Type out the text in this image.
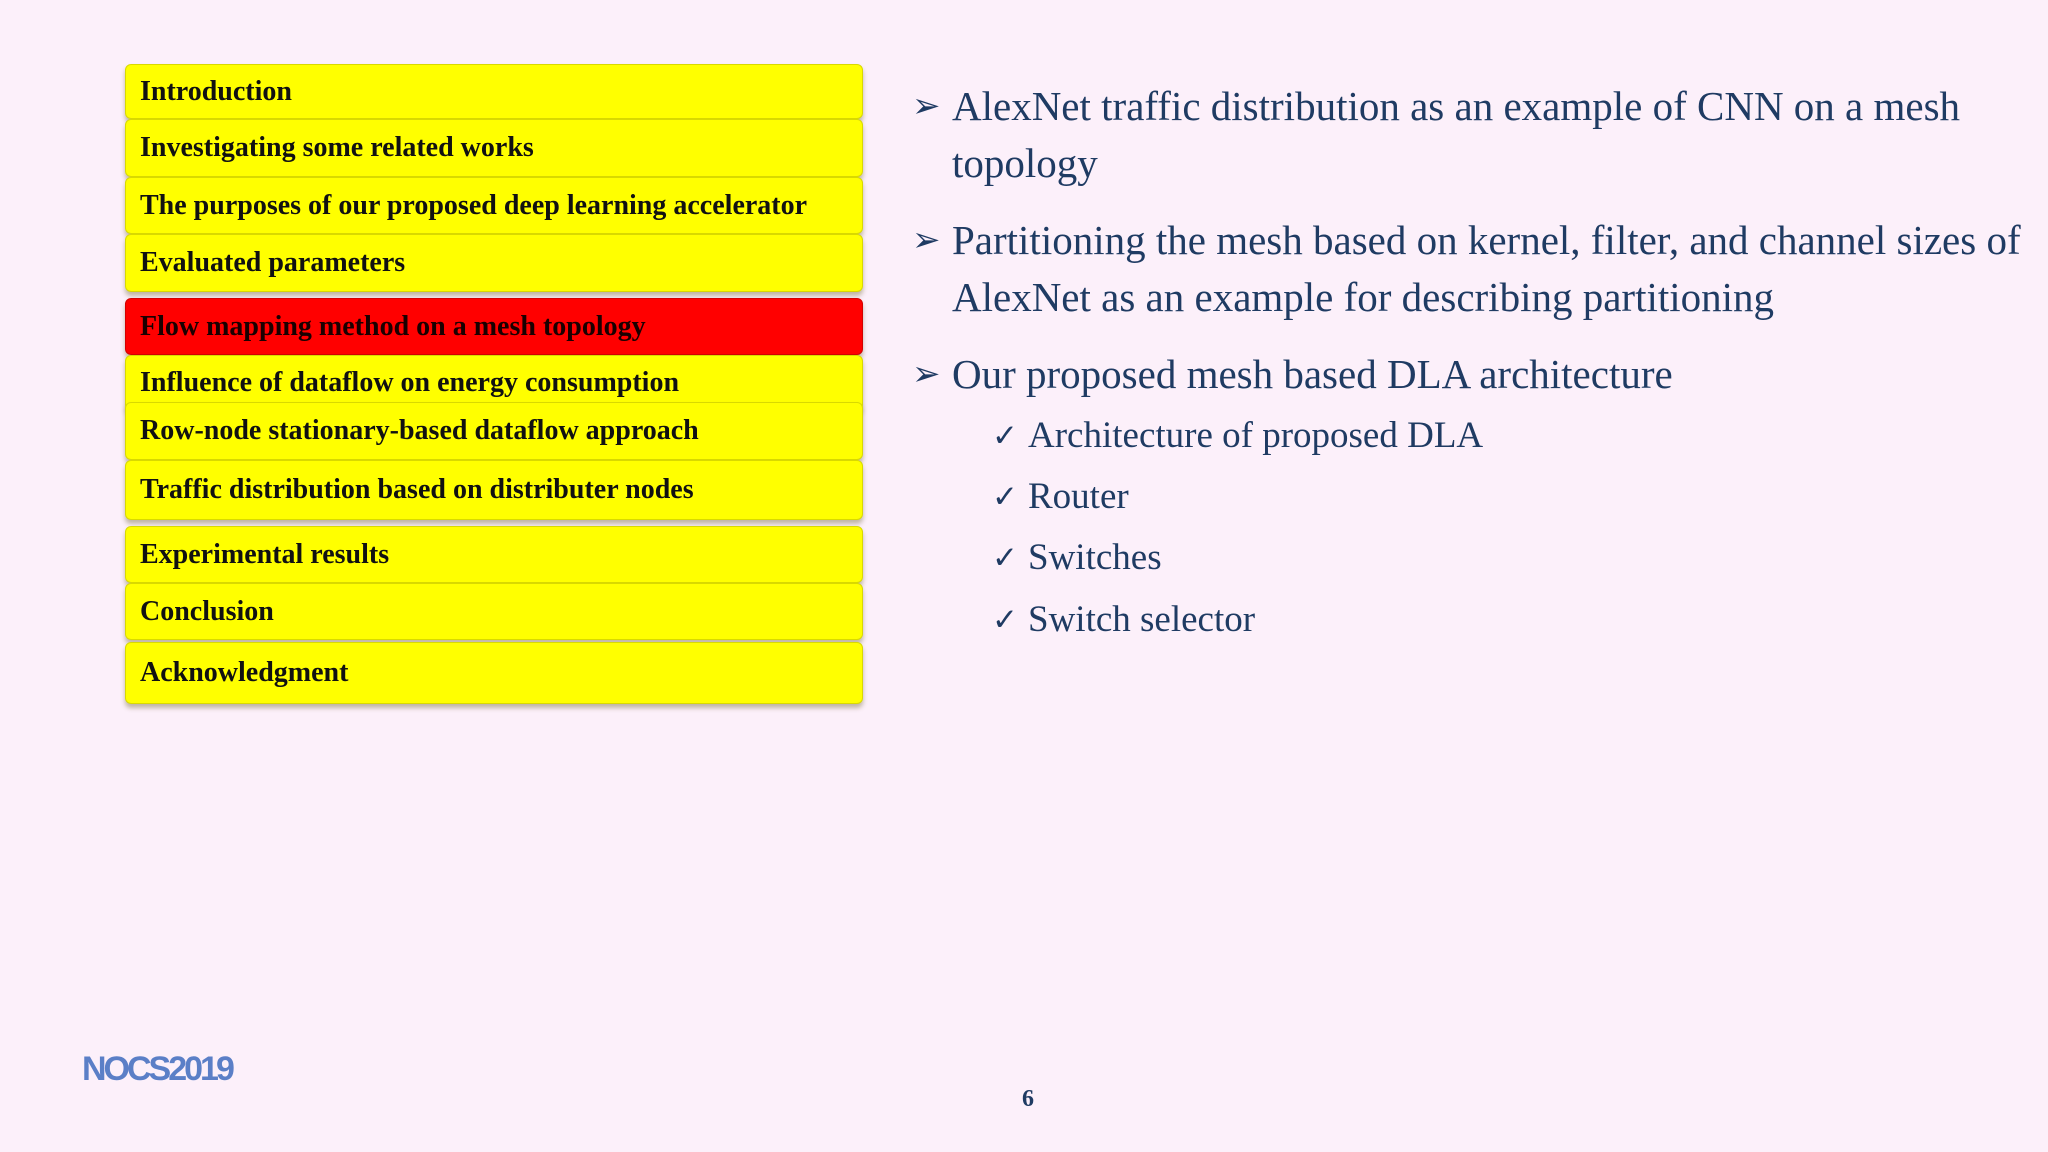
Introduction
Investigating some related works
The purposes of our proposed deep learning accelerator
Evaluated parameters
Flow mapping method on a mesh topology
Influence of dataflow on energy consumption
Row-node stationary-based dataflow approach
Traffic distribution based on distributer nodes
Experimental results
Conclusion
Acknowledgment
➢ AlexNet traffic distribution as an example of CNN on a mesh topology
➢ Partitioning the mesh based on kernel, filter, and channel sizes of AlexNet as an example for describing partitioning
➢ Our proposed mesh based DLA architecture
✓ Architecture of proposed DLA
✓ Router
✓ Switches
✓ Switch selector
NOCS2019
6
